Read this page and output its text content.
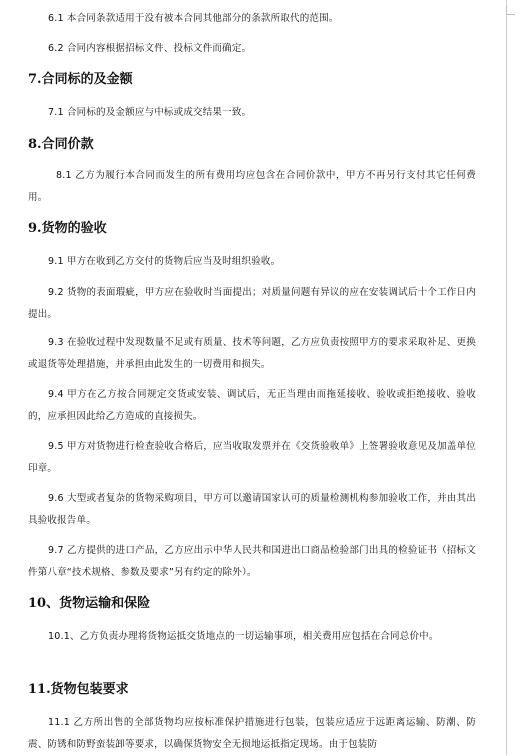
6.1 本合同条款适用于没有被本合同其他部分的条款所取代的范围。
6.2 合同内容根据招标文件、投标文件而确定。
7.合同标的及金额
7.1 合同标的及金额应与中标或成交结果一致。
8.合同价款
8.1 乙方为履行本合同而发生的所有费用均应包含在合同价款中，甲方不再另行支付其它任何费用。
9.货物的验收
9.1 甲方在收到乙方交付的货物后应当及时组织验收。
9.2 货物的表面瑕疵，甲方应在验收时当面提出；对质量问题有异议的应在安装调试后十个工作日内提出。
9.3 在验收过程中发现数量不足或有质量、技术等问题，乙方应负责按照甲方的要求采取补足、更换或退货等处理措施，并承担由此发生的一切费用和损失。
9.4 甲方在乙方按合同规定交货或安装、调试后，无正当理由而拖延接收、验收或拒绝接收、验收的，应承担因此给乙方造成的直接损失。
9.5 甲方对货物进行检查验收合格后，应当收取发票并在《交货验收单》上签署验收意见及加盖单位印章。
9.6 大型或者复杂的货物采购项目，甲方可以邀请国家认可的质量检测机构参加验收工作，并由其出具验收报告单。
9.7 乙方提供的进口产品，乙方应出示中华人民共和国进出口商品检验部门出具的检验证书（招标文件第八章“技术规格、参数及要求”另有约定的除外）。
10、货物运输和保险
10.1、乙方负责办理将货物运抵交货地点的一切运输事项，相关费用应包括在合同总价中。
11.货物包装要求
11.1 乙方所出售的全部货物均应按标准保护措施进行包装，包装应适应于远距离运输、防潮、防震、防锈和防野蛮装卸等要求，以确保货物安全无损地运抵指定现场。由于包装防
